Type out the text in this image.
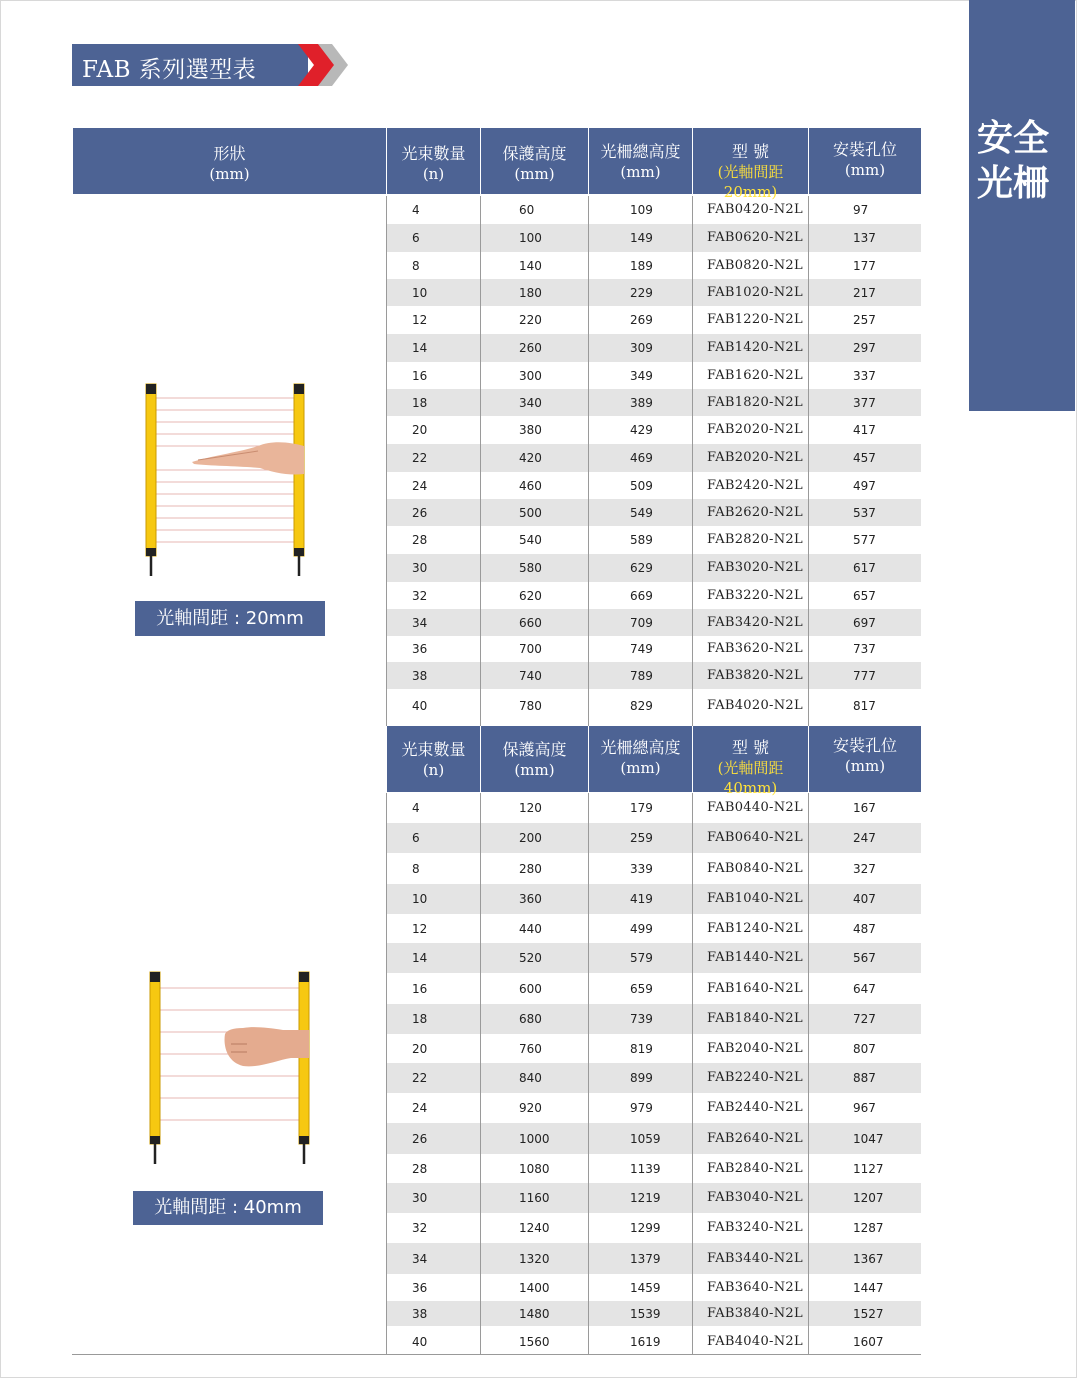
FAB 系列選型表
安全光柵
形狀
(mm)
光束數量
(n)
保護高度
(mm)
光柵總高度
(mm)
型 號
(光軸間距20mm)
安裝孔位
(mm)
4	60	109	FAB0420-N2L	97
6	100	149	FAB0620-N2L	137
8	140	189	FAB0820-N2L	177
10	180	229	FAB1020-N2L	217
12	220	269	FAB1220-N2L	257
14	260	309	FAB1420-N2L	297
16	300	349	FAB1620-N2L	337
18	340	389	FAB1820-N2L	377
20	380	429	FAB2020-N2L	417
22	420	469	FAB2020-N2L	457
24	460	509	FAB2420-N2L	497
26	500	549	FAB2620-N2L	537
28	540	589	FAB2820-N2L	577
30	580	629	FAB3020-N2L	617
32	620	669	FAB3220-N2L	657
34	660	709	FAB3420-N2L	697
36	700	749	FAB3620-N2L	737
38	740	789	FAB3820-N2L	777
40	780	829	FAB4020-N2L	817
光束數量
(n)
保護高度
(mm)
光柵總高度
(mm)
型 號
(光軸間距40mm)
安裝孔位
(mm)
4	120	179	FAB0440-N2L	167
6	200	259	FAB0640-N2L	247
8	280	339	FAB0840-N2L	327
10	360	419	FAB1040-N2L	407
12	440	499	FAB1240-N2L	487
14	520	579	FAB1440-N2L	567
16	600	659	FAB1640-N2L	647
18	680	739	FAB1840-N2L	727
20	760	819	FAB2040-N2L	807
22	840	899	FAB2240-N2L	887
24	920	979	FAB2440-N2L	967
26	1000	1059	FAB2640-N2L	1047
28	1080	1139	FAB2840-N2L	1127
30	1160	1219	FAB3040-N2L	1207
32	1240	1299	FAB3240-N2L	1287
34	1320	1379	FAB3440-N2L	1367
36	1400	1459	FAB3640-N2L	1447
38	1480	1539	FAB3840-N2L	1527
40	1560	1619	FAB4040-N2L	1607
光軸間距 : 20mm
光軸間距 : 40mm
